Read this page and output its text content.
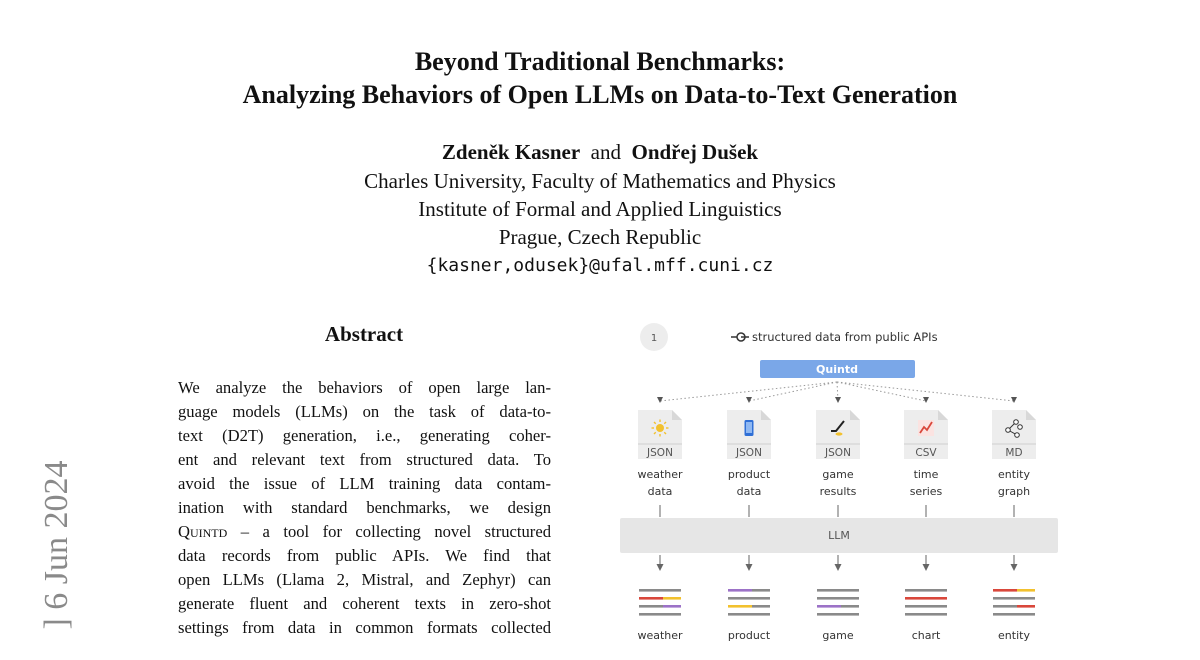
Beyond Traditional Benchmarks:
Analyzing Behaviors of Open LLMs on Data-to-Text Generation
Zdeněk Kasner and Ondřej Dušek
Charles University, Faculty of Mathematics and Physics
Institute of Formal and Applied Linguistics
Prague, Czech Republic
{kasner,odusek}@ufal.mff.cuni.cz
] 6 Jun 2024
Abstract
We analyze the behaviors of open large lan-
guage models (LLMs) on the task of data-to-
text (D2T) generation, i.e., generating coher-
ent and relevant text from structured data. To
avoid the issue of LLM training data contam-
ination with standard benchmarks, we design
Quintd – a tool for collecting novel structured
data records from public APIs. We find that
open LLMs (Llama 2, Mistral, and Zephyr) can
generate fluent and coherent texts in zero-shot
settings from data in common formats collected
1	structured data from public APIs
Quintd
JSON
weather
data
JSON
product
data
JSON
game
results
CSV
time
series
MD
entity
graph
LLM
weather	product	game	chart	entity
